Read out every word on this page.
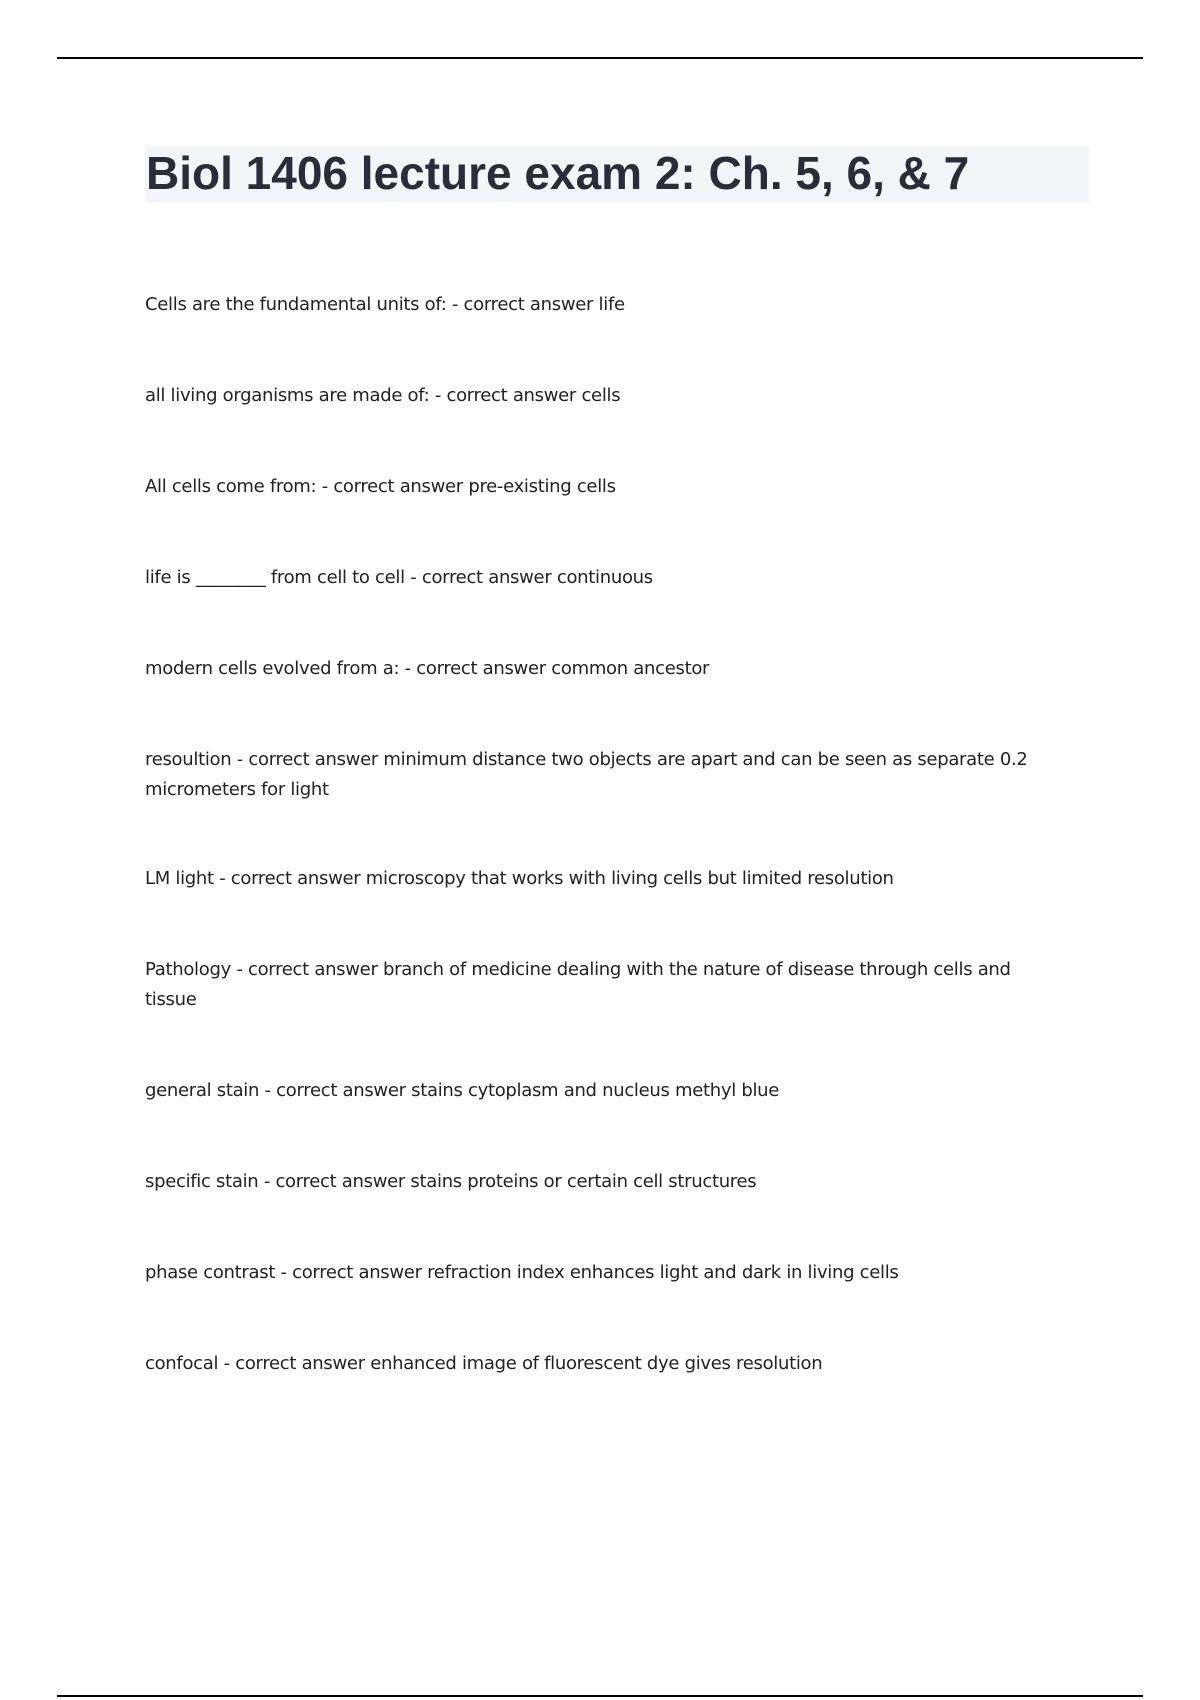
Biol 1406 lecture exam 2: Ch. 5, 6, & 7
Cells are the fundamental units of: - correct answer life
all living organisms are made of: - correct answer cells
All cells come from: - correct answer pre-existing cells
life is ________ from cell to cell - correct answer continuous
modern cells evolved from a: - correct answer common ancestor
resoultion - correct answer minimum distance two objects are apart and can be seen as separate 0.2 micrometers for light
LM light - correct answer microscopy that works with living cells but limited resolution
Pathology - correct answer branch of medicine dealing with the nature of disease through cells and tissue
general stain - correct answer stains cytoplasm and nucleus methyl blue
specific stain - correct answer stains proteins or certain cell structures
phase contrast - correct answer refraction index enhances light and dark in living cells
confocal - correct answer enhanced image of fluorescent dye gives resolution
